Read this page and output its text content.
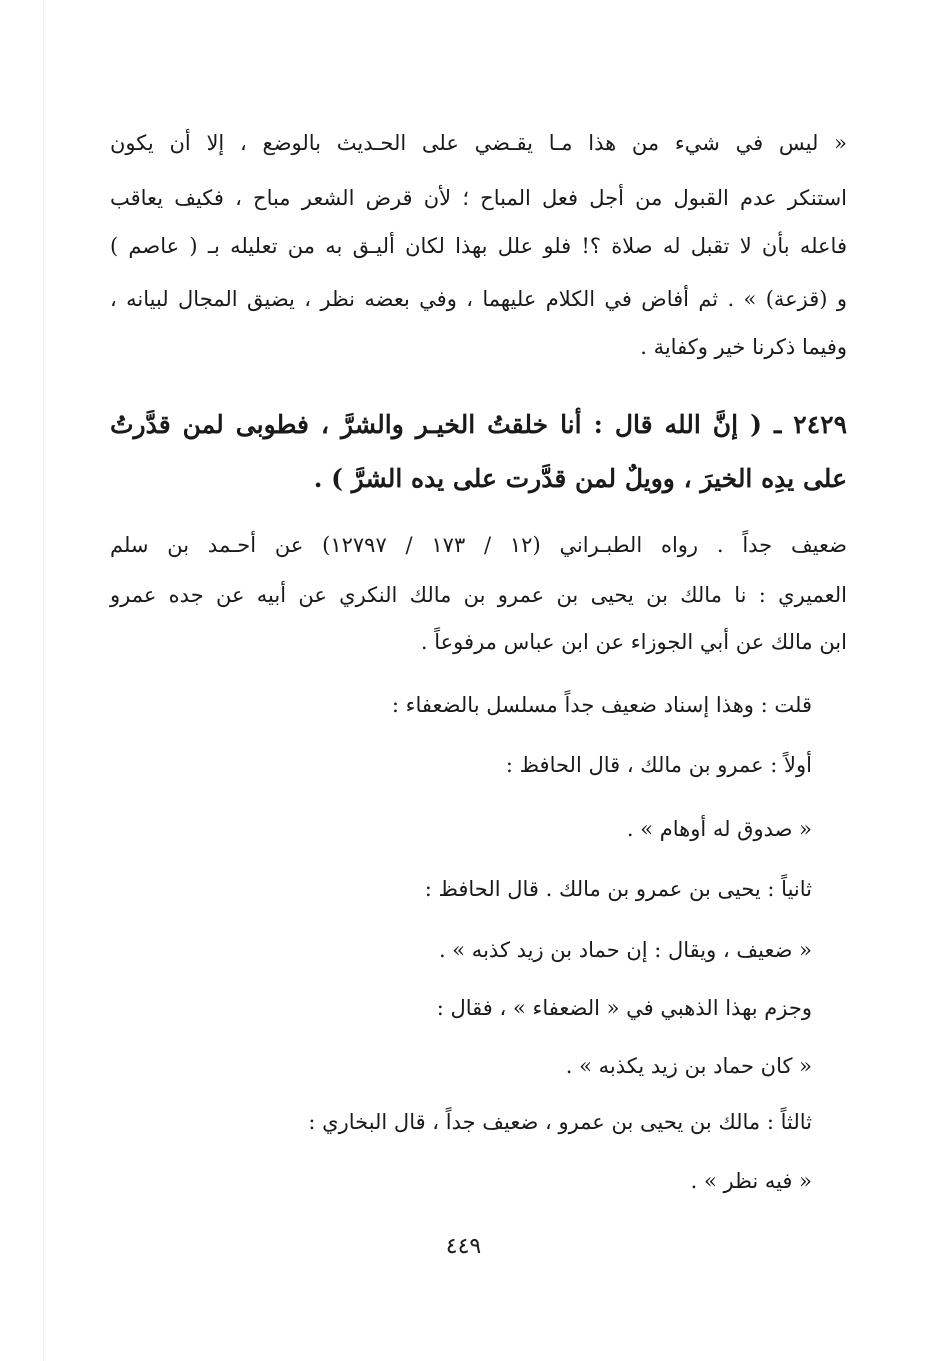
« ليس في شيء من هذا مـا يقـضي على الحـديث بالوضع ، إلا أن يكون
استنكر عدم القبول من أجل فعل المباح ؛ لأن قرض الشعر مباح ، فكيف يعاقب
فاعله بأن لا تقبل له صلاة ؟! فلو علل بهذا لكان أليـق به من تعليله بـ ( عاصم )
و (قزعة) » . ثم أفاض في الكلام عليهما ، وفي بعضه نظر ، يضيق المجال لبيانه ،
وفيما ذكرنا خير وكفاية .
٢٤٢٩ ـ ( إنَّ الله قال : أنا خلقتُ الخيـر والشرَّ ، فطوبى لمن قدَّرتُ
على يدِه الخيرَ ، وويلٌ لمن قدَّرت على يده الشرَّ ) .
ضعيف جداً . رواه الطبـراني (١٢ / ١٧٣ / ١٢٧٩٧) عن أحـمد بن سلم
العميري : نا مالك بن يحيى بن عمرو بن مالك النكري عن أبيه عن جده عمرو
ابن مالك عن أبي الجوزاء عن ابن عباس مرفوعاً .
قلت : وهذا إسناد ضعيف جداً مسلسل بالضعفاء :
أولاً : عمرو بن مالك ، قال الحافظ :
« صدوق له أوهام » .
ثانياً : يحيى بن عمرو بن مالك . قال الحافظ :
« ضعيف ، ويقال : إن حماد بن زيد كذبه » .
وجزم بهذا الذهبي في « الضعفاء » ، فقال :
« كان حماد بن زيد يكذبه » .
ثالثاً : مالك بن يحيى بن عمرو ، ضعيف جداً ، قال البخاري :
« فيه نظر » .
٤٤٩
